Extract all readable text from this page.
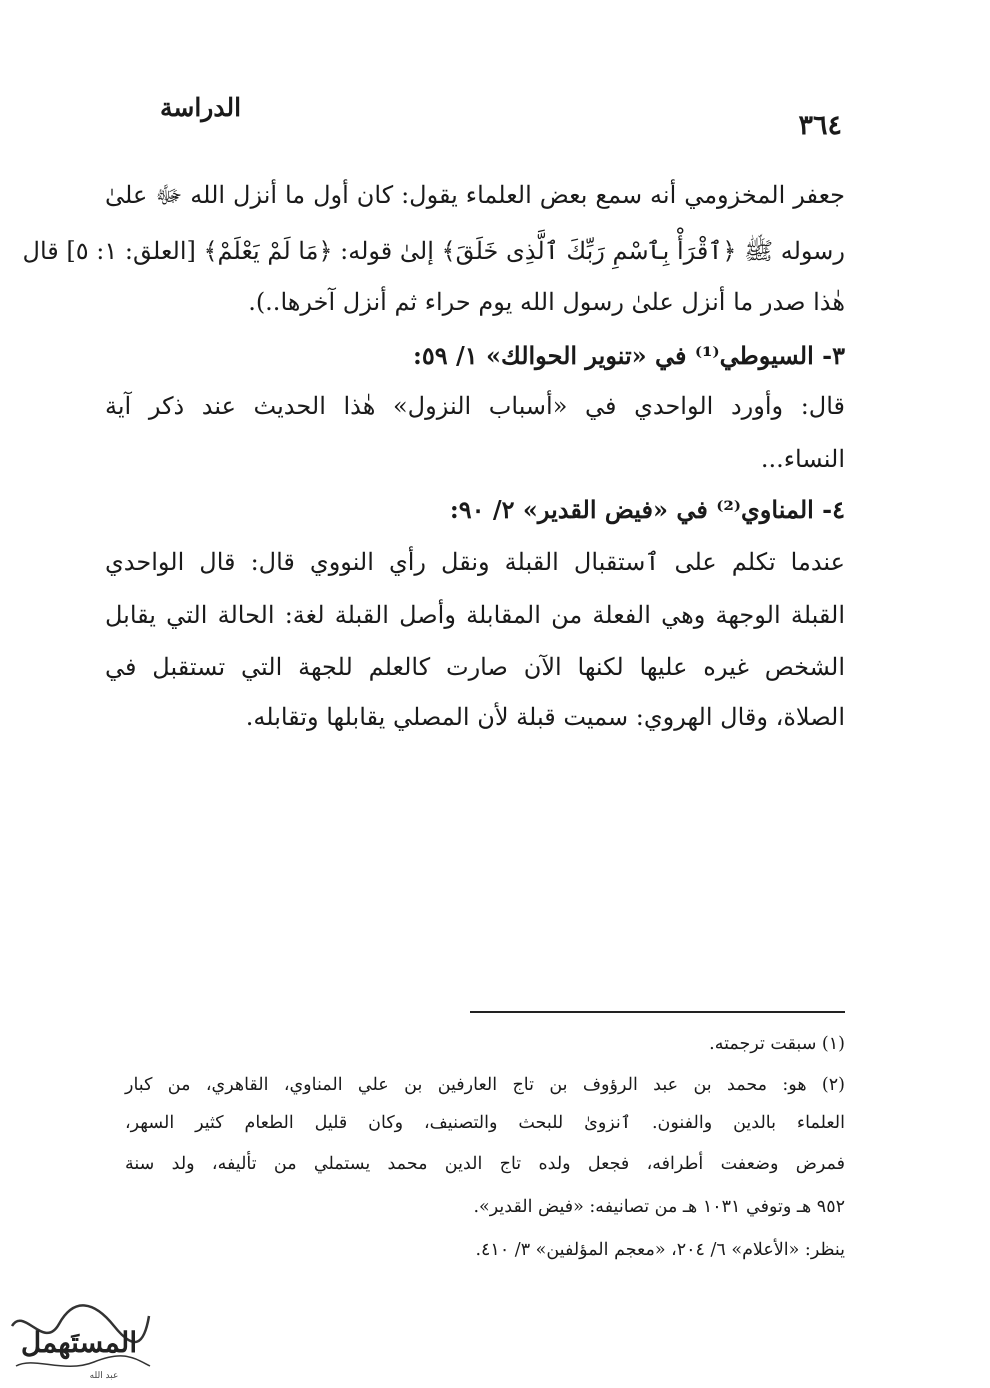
٣٦٤
الدراسة
جعفر المخزومي أنه سمع بعض العلماء يقول: كان أول ما أنزل الله ﷻ علىٰ
رسوله ﷺ ﴿ٱقْرَأْ بِٱسْمِ رَبِّكَ ٱلَّذِى خَلَقَ﴾ إلىٰ قوله: ﴿مَا لَمْ يَعْلَمْ﴾ [العلق: ١: ٥] قال
هٰذا صدر ما أنزل علىٰ رسول الله يوم حراء ثم أنزل آخرها..).
٣- السيوطي⁽¹⁾ في «تنوير الحوالك» ١/ ٥٩:
قال: وأورد الواحدي في «أسباب النزول» هٰذا الحديث عند ذكر آية
النساء...
٤- المناوي⁽²⁾ في «فيض القدير» ٢/ ٩٠:
عندما تكلم على ٱستقبال القبلة ونقل رأي النووي قال: قال الواحدي
القبلة الوجهة وهي الفعلة من المقابلة وأصل القبلة لغة: الحالة التي يقابل
الشخص غيره عليها لكنها الآن صارت كالعلم للجهة التي تستقبل في
الصلاة، وقال الهروي: سميت قبلة لأن المصلي يقابلها وتقابله.
(١) سبقت ترجمته.
(٢) هو: محمد بن عبد الرؤوف بن تاج العارفين بن علي المناوي، القاهري، من كبار
العلماء بالدين والفنون. ٱنزوىٰ للبحث والتصنيف، وكان قليل الطعام كثير السهر،
فمرض وضعفت أطرافه، فجعل ولده تاج الدين محمد يستملي من تأليفه، ولد سنة
٩٥٢ هـ وتوفي ١٠٣١ هـ من تصانيفه: «فيض القدير».
ينظر: «الأعلام» ٦/ ٢٠٤، «معجم المؤلفين» ٣/ ٤١٠.
المستَهمل
عبد الله
